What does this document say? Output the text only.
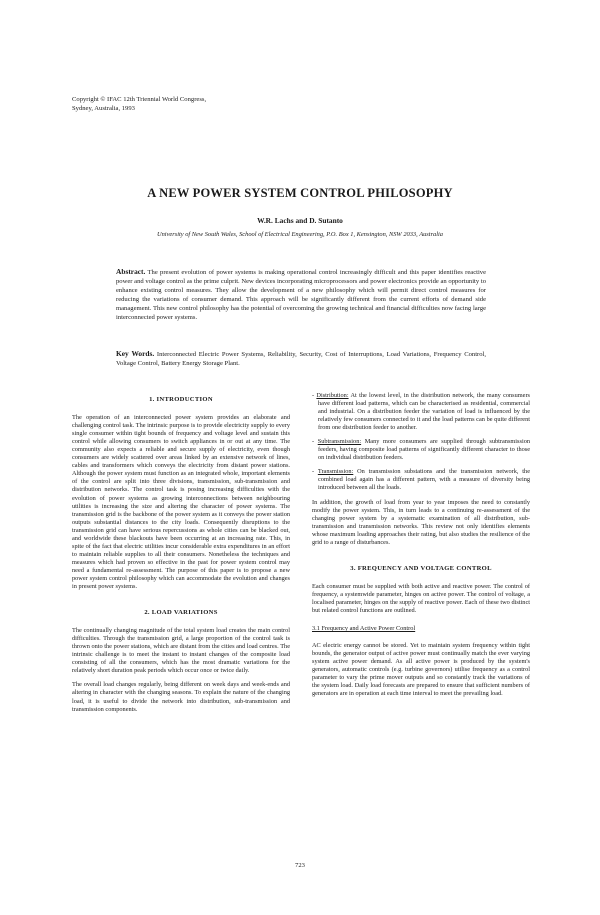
Copyright © IFAC 12th Triennial World Congress,
Sydney, Australia, 1993
A NEW POWER SYSTEM CONTROL PHILOSOPHY
W.R. Lachs and D. Sutanto
University of New South Wales, School of Electrical Engineering, P.O. Box 1, Kensington, NSW 2033, Australia
Abstract. The present evolution of power systems is making operational control increasingly difficult and this paper identifies reactive power and voltage control as the prime culprit. New devices incorporating microprocessors and power electronics provide an opportunity to enhance existing control measures. They allow the development of a new philosophy which will permit direct control measures for reducing the variations of consumer demand. This approach will be significantly different from the current efforts of demand side management. This new control philosophy has the potential of overcoming the growing technical and financial difficulties now facing large interconnected power systems.
Key Words. Interconnected Electric Power Systems, Reliability, Security, Cost of Interruptions, Load Variations, Frequency Control, Voltage Control, Battery Energy Storage Plant.
1. INTRODUCTION

The operation of an interconnected power system provides an elaborate and challenging control task. The intrinsic purpose is to provide electricity supply to every single consumer within tight bounds of frequency and voltage level and sustain this control while allowing consumers to switch appliances in or out at any time. The community also expects a reliable and secure supply of electricity, even though consumers are widely scattered over areas linked by an extensive network of lines, cables and transformers which conveys the electricity from distant power stations. Although the power system must function as an integrated whole, important elements of the control are split into three divisions, transmission, sub-transmission and distribution networks. The control task is posing increasing difficulties with the evolution of power systems as growing interconnections between neighbouring utilities is increasing the size and altering the character of power systems. The transmission grid is the backbone of the power system as it conveys the power station outputs substantial distances to the city loads. Consequently disruptions to the transmission grid can have serious repercussions as whole cities can be blacked out, and worldwide these blackouts have been occurring at an increasing rate. This, in spite of the fact that electric utilities incur considerable extra expenditures in an effort to maintain reliable supplies to all their consumers. Nonetheless the techniques and measures which had proven so effective in the past for power system control may need a fundamental re-assessment. The purpose of this paper is to propose a new power system control philosophy which can accommodate the evolution and changes in present power systems.

2. LOAD VARIATIONS

The continually changing magnitude of the total system load creates the main control difficulties. Through the transmission grid, a large proportion of the control task is thrown onto the power stations, which are distant from the cities and load centres. The intrinsic challenge is to meet the instant to instant changes of the composite load consisting of all the consumers, which has the most dramatic variations for the relatively short duration peak periods which occur once or twice daily.

The overall load changes regularly, being different on week days and week-ends and altering in character with the changing seasons. To explain the nature of the changing load, it is useful to divide the network into distribution, sub-transmission and transmission components.

- Distribution: At the lowest level, in the distribution network, the many consumers have different load patterns, which can be characterised as residential, commercial and industrial. On a distribution feeder the variation of load is influenced by the relatively few consumers connected to it and the load patterns can be quite different from one distribution feeder to another.

- Subtransmission: Many more consumers are supplied through subtransmission feeders, having composite load patterns of significantly different character to those on individual distribution feeders.

- Transmission: On transmission substations and the transmission network, the combined load again has a different pattern, with a measure of diversity being introduced between all the loads.

In addition, the growth of load from year to year imposes the need to constantly modify the power system. This, in turn leads to a continuing re-assessment of the changing power system by a systematic examination of all distribution, sub-transmission and transmission networks. This review not only identifies elements whose maximum loading approaches their rating, but also studies the resilience of the grid to a range of disturbances.

3. FREQUENCY AND VOLTAGE CONTROL

Each consumer must be supplied with both active and reactive power. The control of frequency, a systemwide parameter, hinges on active power. The control of voltage, a localised parameter, hinges on the supply of reactive power. Each of these two distinct but related control functions are outlined.

3.1 Frequency and Active Power Control

AC electric energy cannot be stored. Yet to maintain system frequency within tight bounds, the generator output of active power must continually match the ever varying system active power demand. As all active power is produced by the system's generators, automatic controls (e.g. turbine governors) utilise frequency as a control parameter to vary the prime mover outputs and so constantly track the variations of the system load. Daily load forecasts are prepared to ensure that sufficient numbers of generators are in operation at each time interval to meet the prevailing load.

723
